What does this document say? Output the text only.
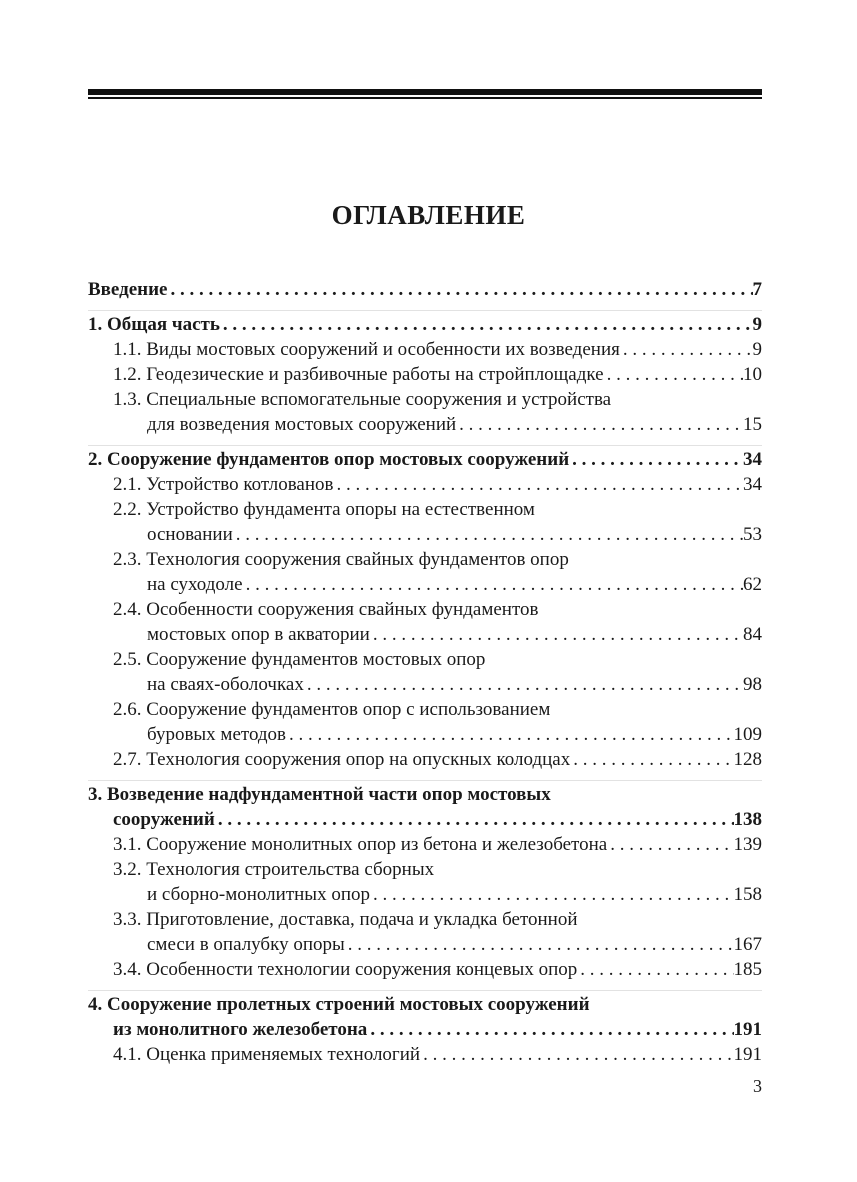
ОГЛАВЛЕНИЕ
Введение . . .	7
1. Общая часть . . .	9
1.1. Виды мостовых сооружений и особенности их возведения . . .	9
1.2. Геодезические и разбивочные работы на стройплощадке . . .	10
1.3. Специальные вспомогательные сооружения и устройства
для возведения мостовых сооружений . . .	15
2. Сооружение фундаментов опор мостовых сооружений . . .	34
2.1. Устройство котлованов . . .	34
2.2. Устройство фундамента опоры на естественном
основании . . .	53
2.3. Технология сооружения свайных фундаментов опор
на суходоле . . .	62
2.4. Особенности сооружения свайных фундаментов
мостовых опор в акватории . . .	84
2.5. Сооружение фундаментов мостовых опор
на сваях-оболочках . . .	98
2.6. Сооружение фундаментов опор с использованием
буровых методов . . .	109
2.7. Технология сооружения опор на опускных колодцах . . .	128
3. Возведение надфундаментной части опор мостовых
сооружений . . .	138
3.1. Сооружение монолитных опор из бетона и железобетона . . .	139
3.2. Технология строительства сборных
и сборно-монолитных опор . . .	158
3.3. Приготовление, доставка, подача и укладка бетонной
смеси в опалубку опоры . . .	167
3.4. Особенности технологии сооружения концевых опор . . .	185
4. Сооружение пролетных строений мостовых сооружений
из монолитного железобетона . . .	191
4.1. Оценка применяемых технологий . . .	191
3
